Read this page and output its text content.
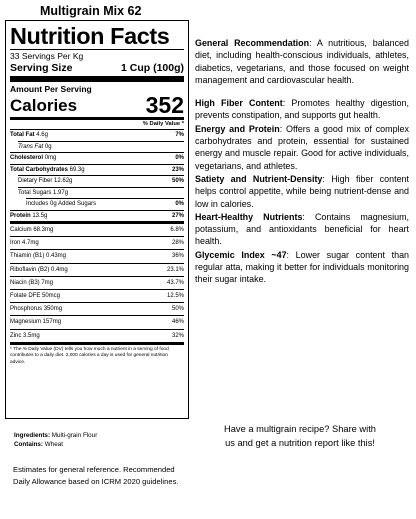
Multigrain Mix 62
Nutrition Facts
33 Servings Per Kg
Serving Size	1 Cup (100g)
Amount Per Serving
Calories	352
% Daily Value *
Total Fat 4.6g	7%
Trans Fat 0g
Cholesterol 0mg	0%
Total Carbohydrates 69.3g	23%
Dietary Fiber 12.62g	50%
Total Sugars 1.97g
Includes 0g Added Sugars	0%
Protein 13.5g	27%
Calcium 68.3mg	6.8%
Iron 4.7mg	28%
Thiamin (B1) 0.43mg	36%
Riboflavin (B2) 0.4mg	23.1%
Niacin (B3) 7mg	43.7%
Folate DFE 50mcg	12.5%
Phosphorus 350mg	50%
Magnesium 157mg	46%
Zinc 3.5mg	32%
* The % Daily Value (DV) tells you how much a nutrient in a serving of food contributes to a daily diet. 2,000 calories a day is used for general nutrition advice.
Ingredients: Multi-grain Flour
Contains: Wheat
Estimates for general reference. Recommended Daily Allowance based on ICRM 2020 guidelines.

General Recommendation: A nutritious, balanced diet, including health-conscious individuals, athletes, diabetics, vegetarians, and those focused on weight management and cardiovascular health.

High Fiber Content: Promotes healthy digestion, prevents constipation, and supports gut health.

Energy and Protein: Offers a good mix of complex carbohydrates and protein, essential for sustained energy and muscle repair. Good for active individuals, vegetarians, and athletes.

Satiety and Nutrient-Density: High fiber content helps control appetite, while being nutrient-dense and low in calories.

Heart-Healthy Nutrients: Contains magnesium, potassium, and antioxidants beneficial for heart health.

Glycemic Index ~47: Lower sugar content than regular atta, making it better for individuals monitoring their sugar intake.

Have a multigrain recipe? Share with us and get a nutrition report like this!
